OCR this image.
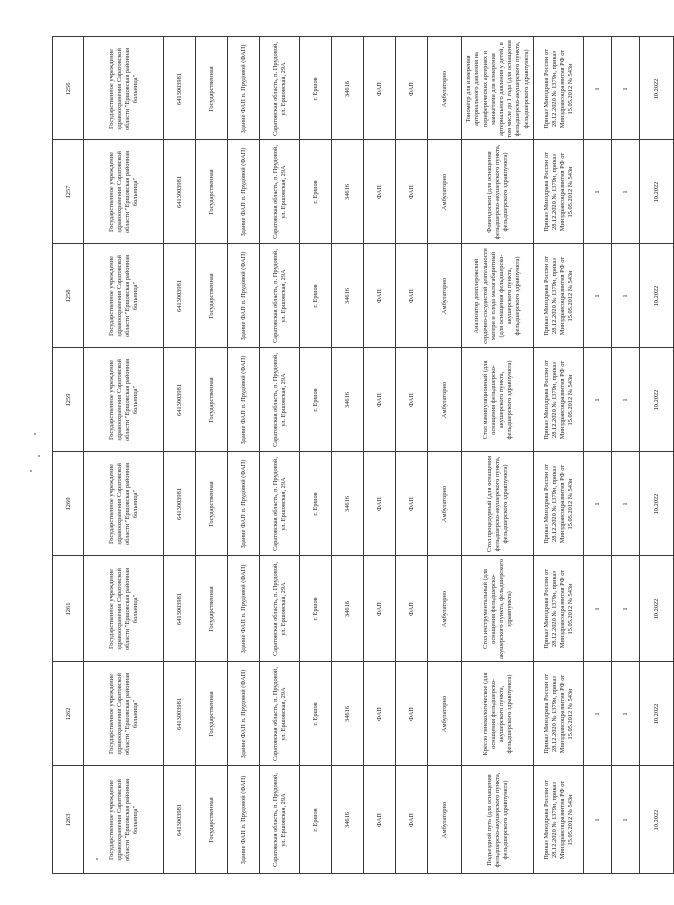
1263	Государственное учреждение здравоохранения Саратовской области "Ершовская районная больница"	6413003981	Государственная	Здание ФАП п. Прудовой (ФАП)	Саратовская область, п. Прудовой, ул. Ершовская, 29А	г. Ершов	34616	ФАП	ФАП	Амбулаторно	Подъездной путь (для оснащения фельдшерско-акушерского пункта, фельдшерского здравпункта)	Приказ Минздрава России от 28.12.2020 № 1379н, приказ Минздравсоцразвития РФ от 15.05.2012 № 543н	1	1	10.2022
1262	Государственное учреждение здравоохранения Саратовской области "Ершовская районная больница"	6413003981	Государственная	Здание ФАП п. Прудовой (ФАП)	Саратовская область, п. Прудовой, ул. Ершовская, 29А	г. Ершов	34616	ФАП	ФАП	Амбулаторно	Кресло гинекологическое (для оснащения фельдшерско-акушерского пункта, фельдшерского здравпункта)	Приказ Минздрава России от 28.12.2020 № 1379н, приказ Минздравсоцразвития РФ от 15.05.2012 № 543н	1	1	10.2022
1261	Государственное учреждение здравоохранения Саратовской области "Ершовская районная больница"	6413003981	Государственная	Здание ФАП п. Прудовой (ФАП)	Саратовская область, п. Прудовой, ул. Ершовская, 29А	г. Ершов	34616	ФАП	ФАП	Амбулаторно	Стол инструментальный (для оснащения фельдшерско-акушерского пункта, фельдшерского здравпункта)	Приказ Минздрава России от 28.12.2020 № 1379н, приказ Минздравсоцразвития РФ от 15.05.2012 № 543н	1	1	10.2022
1260	Государственное учреждение здравоохранения Саратовской области "Ершовская районная больница"	6413003981	Государственная	Здание ФАП п. Прудовой (ФАП)	Саратовская область, п. Прудовой, ул. Ершовская, 29А	г. Ершов	34616	ФАП	ФАП	Амбулаторно	Стол процедурный (для оснащения фельдшерско-акушерского пункта, фельдшерского здравпункта)	Приказ Минздрава России от 28.12.2020 № 1379н, приказ Минздравсоцразвития РФ от 15.05.2012 № 543н	1	1	10.2022
1259	Государственное учреждение здравоохранения Саратовской области "Ершовская районная больница"	6413003981	Государственная	Здание ФАП п. Прудовой (ФАП)	Саратовская область, п. Прудовой, ул. Ершовская, 29А	г. Ершов	34616	ФАП	ФАП	Амбулаторно	Стол манипуляционный (для оснащения фельдшерско-акушерского пункта, фельдшерского здравпункта)	Приказ Минздрава России от 28.12.2020 № 1379н, приказ Минздравсоцразвития РФ от 15.05.2012 № 543н	1	1	10.2022
1258	Государственное учреждение здравоохранения Саратовской области "Ершовская районная больница"	6413003981	Государственная	Здание ФАП п. Прудовой (ФАП)	Саратовская область, п. Прудовой, ул. Ершовская, 29А	г. Ершов	34616	ФАП	ФАП	Амбулаторно	Анализатор допплеровский сердечно-сосудистой деятельности матери и плода малогабаритный (для оснащения фельдшерско-акушерского пункта, фельдшерского здравпункта)	Приказ Минздрава России от 28.12.2020 № 1379н, приказ Минздравсоцразвития РФ от 15.05.2012 № 543н	1	1	10.2022
1257	Государственное учреждение здравоохранения Саратовской области "Ершовская районная больница"	6413003981	Государственная	Здание ФАП п. Прудовой (ФАП)	Саратовская область, п. Прудовой, ул. Ершовская, 29А	г. Ершов	34616	ФАП	ФАП	Амбулаторно	Фонендоскоп (для оснащения фельдшерско-акушерского пункта, фельдшерского здравпункта)	Приказ Минздрава России от 28.12.2020 № 1379н, приказ Минздравсоцразвития РФ от 15.05.2012 № 543н	1	1	10.2022
1256	Государственное учреждение здравоохранения Саратовской области "Ершовская районная больница"	6413003981	Государственная	Здание ФАП п. Прудовой (ФАП)	Саратовская область, п. Прудовой, ул. Ершовская, 29А	г. Ершов	34616	ФАП	ФАП	Амбулаторно	Тонометр для измерения артериального давления на периферических артериях и манжетами для измерения артериального давления у детей, в том числе до 1 года (для оснащения фельдшерско-акушерского пункта, фельдшерского здравпункта)	Приказ Минздрава России от 28.12.2020 № 1379н, приказ Минздравсоцразвития РФ от 15.05.2012 № 543н	1	1	10.2022
